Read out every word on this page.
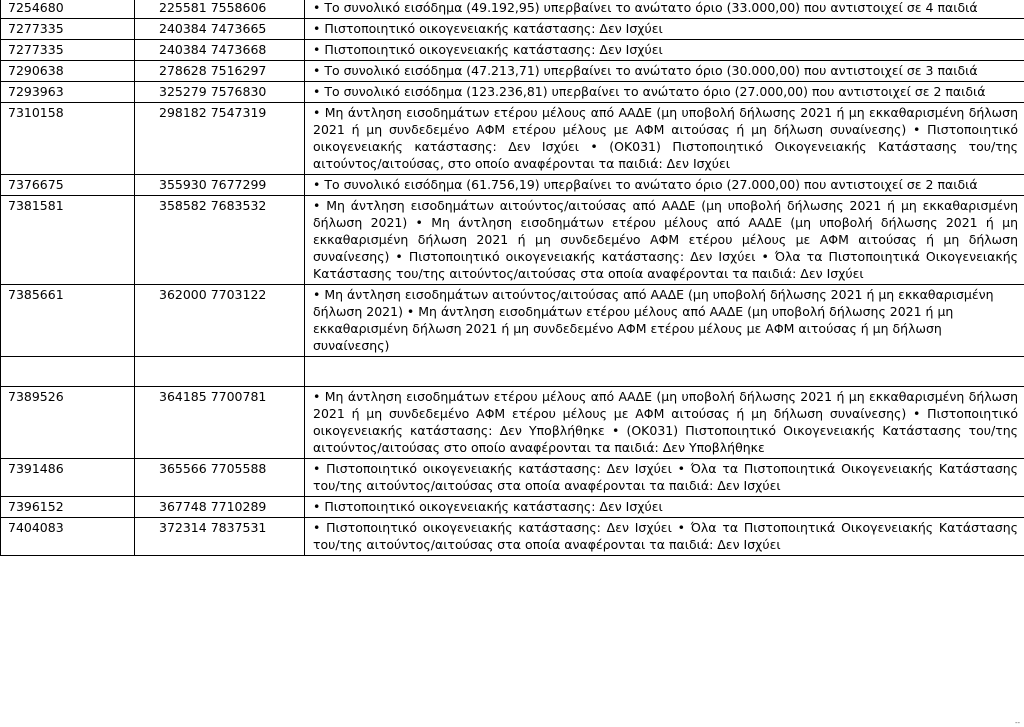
7254680	225581 7558606	• Το συνολικό εισόδημα (49.192,95) υπερβαίνει το ανώτατο όριο (33.000,00) που αντιστοιχεί σε 4 παιδιά
7277335	240384 7473665	• Πιστοποιητικό οικογενειακής κατάστασης: Δεν Ισχύει
7277335	240384 7473668	• Πιστοποιητικό οικογενειακής κατάστασης: Δεν Ισχύει
7290638	278628 7516297	• Το συνολικό εισόδημα (47.213,71) υπερβαίνει το ανώτατο όριο (30.000,00) που αντιστοιχεί σε 3 παιδιά
7293963	325279 7576830	• Το συνολικό εισόδημα (123.236,81) υπερβαίνει το ανώτατο όριο (27.000,00) που αντιστοιχεί σε 2 παιδιά
7310158	298182 7547319	• Μη άντληση εισοδημάτων ετέρου μέλους από ΑΑΔΕ (μη υποβολή δήλωσης 2021 ή μη εκκαθαρισμένη δήλωση 2021 ή μη συνδεδεμένο ΑΦΜ ετέρου μέλους με ΑΦΜ αιτούσας ή μη δήλωση συναίνεσης) • Πιστοποιητικό οικογενειακής κατάστασης: Δεν Ισχύει • (ΟΚ031) Πιστοποιητικό Οικογενειακής Κατάστασης του/της αιτούντος/αιτούσας, στο οποίο αναφέρονται τα παιδιά: Δεν Ισχύει
7376675	355930 7677299	• Το συνολικό εισόδημα (61.756,19) υπερβαίνει το ανώτατο όριο (27.000,00) που αντιστοιχεί σε 2 παιδιά
7381581	358582 7683532	• Μη άντληση εισοδημάτων αιτούντος/αιτούσας από ΑΑΔΕ (μη υποβολή δήλωσης 2021 ή μη εκκαθαρισμένη δήλωση 2021) • Μη άντληση εισοδημάτων ετέρου μέλους από ΑΑΔΕ (μη υποβολή δήλωσης 2021 ή μη εκκαθαρισμένη δήλωση 2021 ή μη συνδεδεμένο ΑΦΜ ετέρου μέλους με ΑΦΜ αιτούσας ή μη δήλωση συναίνεσης) • Πιστοποιητικό οικογενειακής κατάστασης: Δεν Ισχύει • Όλα τα Πιστοποιητικά Οικογενειακής Κατάστασης του/της αιτούντος/αιτούσας στα οποία αναφέρονται τα παιδιά: Δεν Ισχύει
7385661	362000 7703122	• Μη άντληση εισοδημάτων αιτούντος/αιτούσας από ΑΑΔΕ (μη υποβολή δήλωσης 2021 ή μη εκκαθαρισμένη δήλωση 2021) • Μη άντληση εισοδημάτων ετέρου μέλους από ΑΑΔΕ (μη υποβολή δήλωσης 2021 ή μη εκκαθαρισμένη δήλωση 2021 ή μη συνδεδεμένο ΑΦΜ ετέρου μέλους με ΑΦΜ αιτούσας ή μη δήλωση συναίνεσης)

7389526	364185 7700781	• Μη άντληση εισοδημάτων ετέρου μέλους από ΑΑΔΕ (μη υποβολή δήλωσης 2021 ή μη εκκαθαρισμένη δήλωση 2021 ή μη συνδεδεμένο ΑΦΜ ετέρου μέλους με ΑΦΜ αιτούσας ή μη δήλωση συναίνεσης) • Πιστοποιητικό οικογενειακής κατάστασης: Δεν Υποβλήθηκε • (ΟΚ031) Πιστοποιητικό Οικογενειακής Κατάστασης του/της αιτούντος/αιτούσας στο οποίο αναφέρονται τα παιδιά: Δεν Υποβλήθηκε
7391486	365566 7705588	• Πιστοποιητικό οικογενειακής κατάστασης: Δεν Ισχύει • Όλα τα Πιστοποιητικά Οικογενειακής Κατάστασης του/της αιτούντος/αιτούσας στα οποία αναφέρονται τα παιδιά: Δεν Ισχύει
7396152	367748 7710289	• Πιστοποιητικό οικογενειακής κατάστασης: Δεν Ισχύει
7404083	372314 7837531	• Πιστοποιητικό οικογενειακής κατάστασης: Δεν Ισχύει • Όλα τα Πιστοποιητικά Οικογενειακής Κατάστασης του/της αιτούντος/αιτούσας στα οποία αναφέρονται τα παιδιά: Δεν Ισχύει
--
